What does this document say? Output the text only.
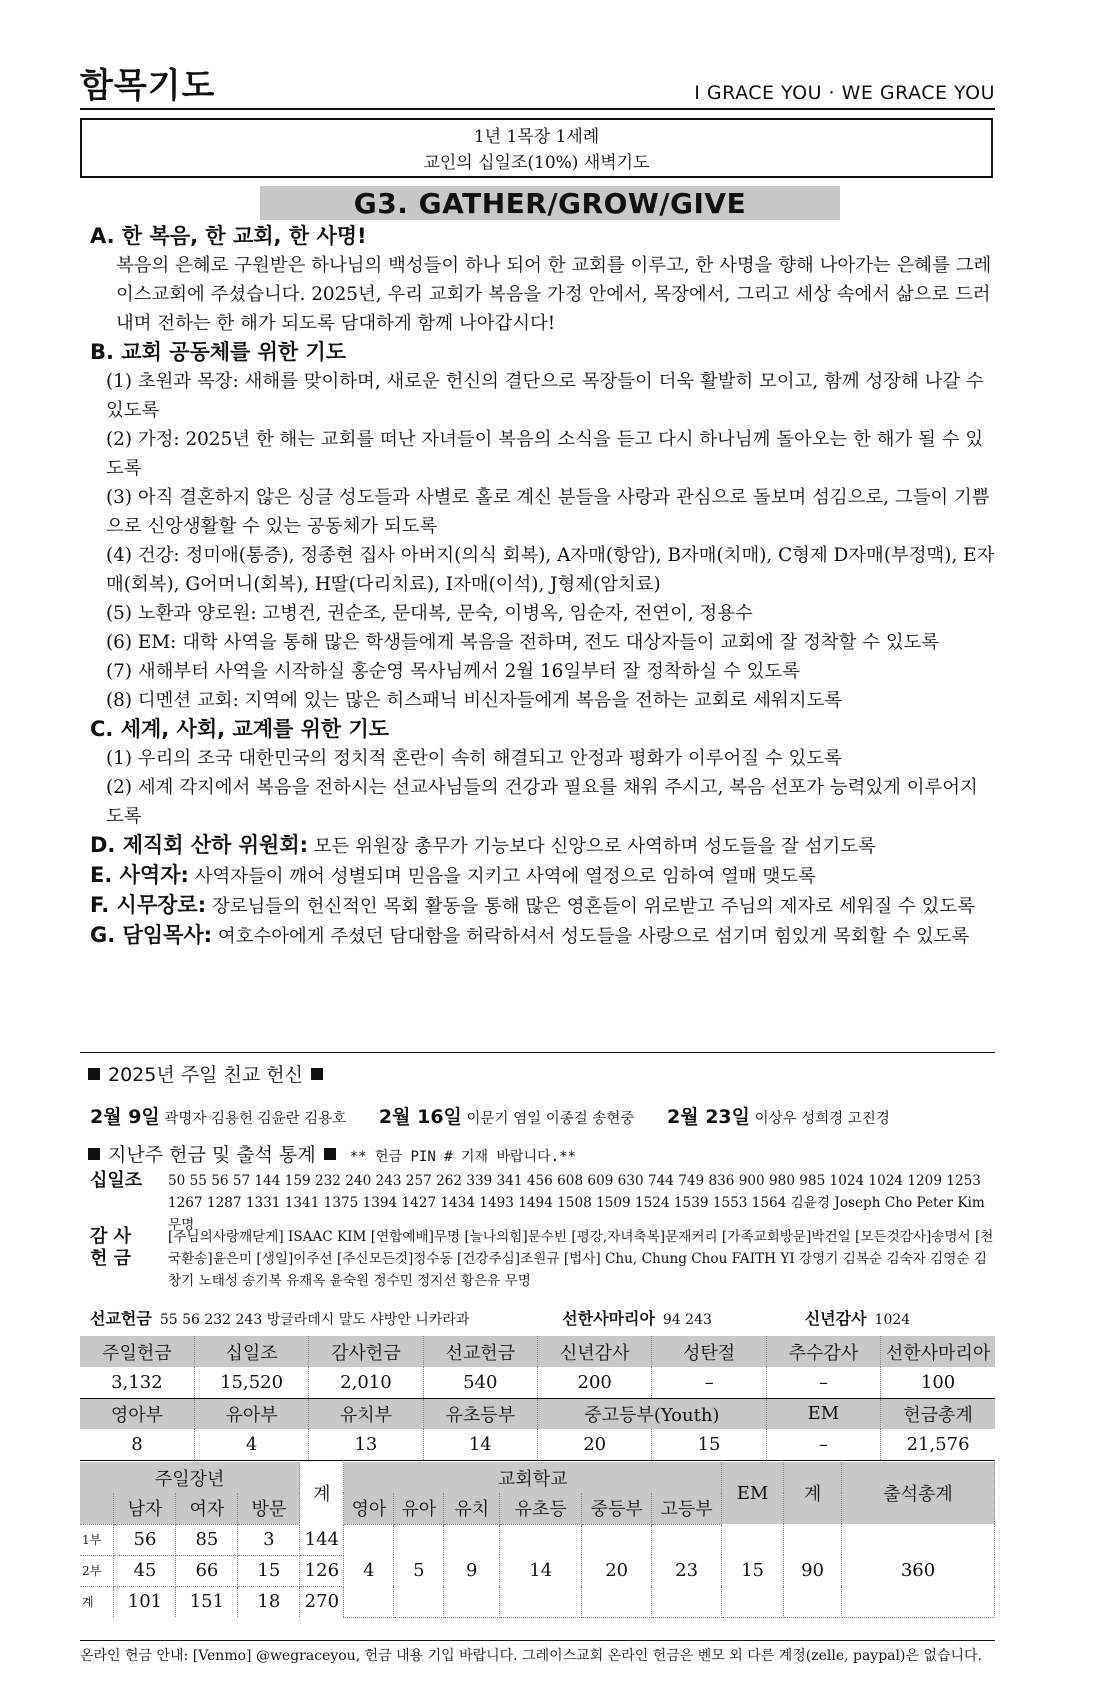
함목기도	I GRACE YOU · WE GRACE YOU
1년 1목장 1세례
교인의 십일조(10%) 새벽기도
G3. GATHER/GROW/GIVE
A. 한 복음, 한 교회, 한 사명!
복음의 은혜로 구원받은 하나님의 백성들이 하나 되어 한 교회를 이루고, 한 사명을 향해 나아가는 은혜를 그레이스교회에 주셨습니다. 2025년, 우리 교회가 복음을 가정 안에서, 목장에서, 그리고 세상 속에서 삶으로 드러내며 전하는 한 해가 되도록 담대하게 함께 나아갑시다!
B. 교회 공동체를 위한 기도
(1) 초원과 목장: 새해를 맞이하며, 새로운 헌신의 결단으로 목장들이 더욱 활발히 모이고, 함께 성장해 나갈 수 있도록
(2) 가정: 2025년 한 해는 교회를 떠난 자녀들이 복음의 소식을 듣고 다시 하나님께 돌아오는 한 해가 될 수 있도록
(3) 아직 결혼하지 않은 싱글 성도들과 사별로 홀로 계신 분들을 사랑과 관심으로 돌보며 섬김으로, 그들이 기쁨으로 신앙생활할 수 있는 공동체가 되도록
(4) 건강: 정미애(통증), 정종현 집사 아버지(의식 회복), A자매(항암), B자매(치매), C형제 D자매(부정맥), E자매(회복), G어머니(회복), H딸(다리치료), I자매(이석), J형제(암치료)
(5) 노환과 양로원: 고병건, 권순조, 문대복, 문숙, 이병옥, 임순자, 전연이, 정용수
(6) EM: 대학 사역을 통해 많은 학생들에게 복음을 전하며, 전도 대상자들이 교회에 잘 정착할 수 있도록
(7) 새해부터 사역을 시작하실 홍순영 목사님께서 2월 16일부터 잘 정착하실 수 있도록
(8) 디멘션 교회: 지역에 있는 많은 히스패닉 비신자들에게 복음을 전하는 교회로 세워지도록
C. 세계, 사회, 교계를 위한 기도
(1) 우리의 조국 대한민국의 정치적 혼란이 속히 해결되고 안정과 평화가 이루어질 수 있도록
(2) 세계 각지에서 복음을 전하시는 선교사님들의 건강과 필요를 채워 주시고, 복음 선포가 능력있게 이루어지도록
D. 제직회 산하 위원회: 모든 위원장 총무가 기능보다 신앙으로 사역하며 성도들을 잘 섬기도록
E. 사역자: 사역자들이 깨어 성별되며 믿음을 지키고 사역에 열정으로 임하여 열매 맺도록
F. 시무장로: 장로님들의 헌신적인 목회 활동을 통해 많은 영혼들이 위로받고 주님의 제자로 세워질 수 있도록
G. 담임목사: 여호수아에게 주셨던 담대함을 허락하셔서 성도들을 사랑으로 섬기며 힘있게 목회할 수 있도록
2025년 주일 친교 헌신
2월 9일 곽명자 김용헌 김윤란 김용호 2월 16일 이문기 염일 이종걸 송현중 2월 23일 이상우 성희경 고진경
지난주 헌금 및 출석 통계 ** 헌금 PIN # 기재 바랍니다.**
십일조	50 55 56 57 144 159 232 240 243 257 262 339 341 456 608 609 630 744 749 836 900 980 985 1024 1024 1209 1253 1267 1287 1331 1341 1375 1394 1427 1434 1493 1494 1508 1509 1524 1539 1553 1564 김윤경 Joseph Cho Peter Kim 무명
감 사
헌 금
[주님의사랑깨닫게] ISAAC KIM [연합예배]무명 [늘나의힘]문수빈 [평강,자녀축복]문재커리 [가족교회방문]박건일 [모든것감사]송명서 [천국환송]윤은미 [생일]이주선 [주신모든것]정수동 [건강주심]조원규 [법사] Chu, Chung Chou FAITH YI 강영기 김복순 김숙자 김영순 김창기 노태성 송기복 유재옥 윤숙원 정수민 정지선 황은유 무명
선교헌금 55 56 232 243 방글라데시 말도 샤방안 니카라과	선한사마리아 94 243	신년감사 1024
주일헌금	십일조	감사헌금	선교헌금	신년감사	성탄절	추수감사	선한사마리아
3,132	15,520	2,010	540	200	–	–	100
영아부	유아부	유치부	유초등부	중고등부(Youth)		EM	헌금총계
8	4	13	14	20	15	–	21,576
주일장년				계	교회학교						EM	계	출석총계
	남자	여자	방문		영아	유아	유치	유초등	중등부	고등부			
1부	56	85	3	144	4	5	9	14	20	23	15	90	360
2부	45	66	15	126									
계	101	151	18	270									
온라인 헌금 안내: [Venmo] @wegraceyou, 헌금 내용 기입 바랍니다. 그레이스교회 온라인 헌금은 벤모 외 다른 계정(zelle, paypal)은 없습니다.
